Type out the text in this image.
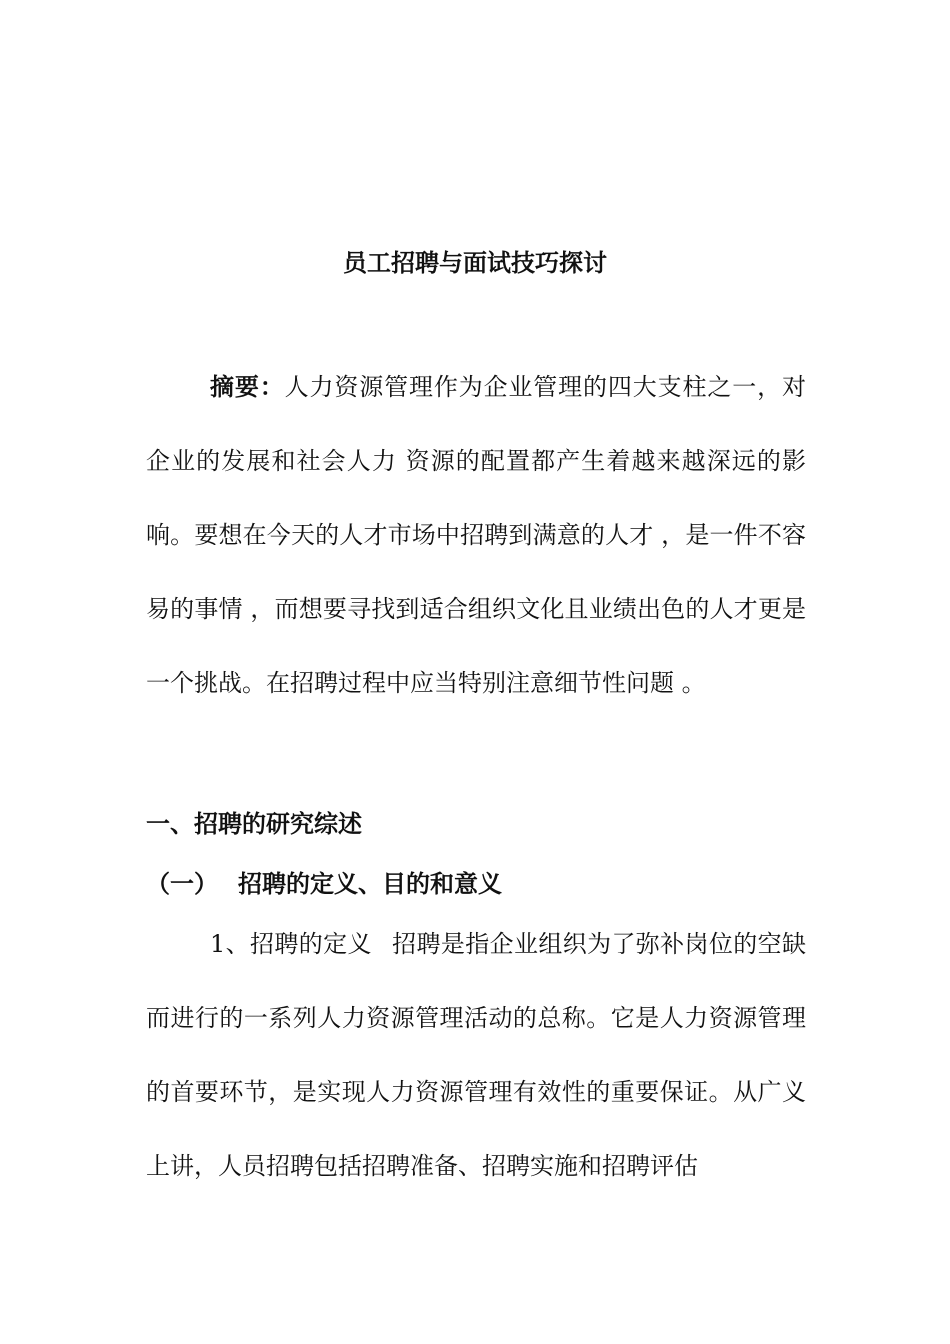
员工招聘与面试技巧探讨

摘要：人力资源管理作为企业管理的四大支柱之一，对企业的发展和社会人力 资源的配置都产生着越来越深远的影响。要想在今天的人才市场中招聘到满意的人才 ，是一件不容易的事情 ，而想要寻找到适合组织文化且业绩出色的人才更是一个挑战。在招聘过程中应当特别注意细节性问题 。

一、招聘的研究综述
（一） 招聘的定义、目的和意义

1、招聘的定义 招聘是指企业组织为了弥补岗位的空缺而进行的一系列人力资源管理活动的总称。它是人力资源管理的首要环节，是实现人力资源管理有效性的重要保证。从广义上讲，人员招聘包括招聘准备、招聘实施和招聘评估
